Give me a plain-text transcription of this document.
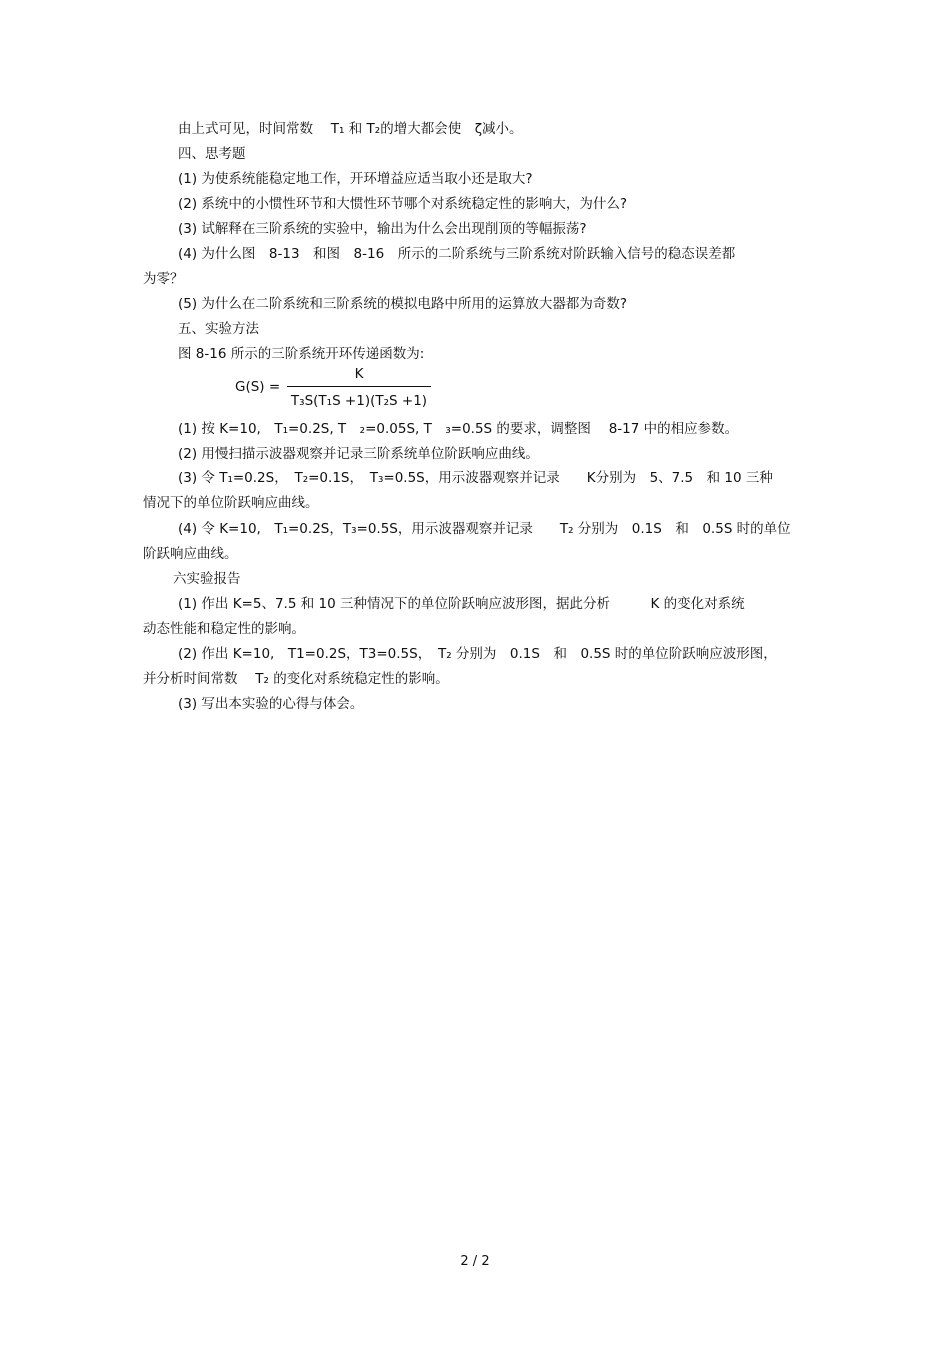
由上式可见，时间常数　 T₁ 和 T₂的增大都会使　ζ减小。
四、思考题
(1) 为使系统能稳定地工作，开环增益应适当取小还是取大?
(2) 系统中的小惯性环节和大惯性环节哪个对系统稳定性的影响大，为什么?
(3) 试解释在三阶系统的实验中，输出为什么会出现削顶的等幅振荡?
(4) 为什么图　8-13　和图　8-16　所示的二阶系统与三阶系统对阶跃输入信号的稳态误差都
为零？
(5) 为什么在二阶系统和三阶系统的模拟电路中所用的运算放大器都为奇数?
五、实验方法
图 8-16 所示的三阶系统开环传递函数为:
G(S) =
K
T₃S(T₁S +1)(T₂S +1)
(1) 按 K=10,　T₁=0.2S, T　₂=0.05S, T　₃=0.5S 的要求，调整图　 8-17 中的相应参数。
(2) 用慢扫描示波器观察并记录三阶系统单位阶跃响应曲线。
(3) 令 T₁=0.2S，　T₂=0.1S，　T₃=0.5S，用示波器观察并记录　　K分别为　5、7.5　和 10 三种
情况下的单位阶跃响应曲线。
(4) 令 K=10,　T₁=0.2S，T₃=0.5S，用示波器观察并记录　　T₂ 分别为　0.1S　和　0.5S 时的单位
阶跃响应曲线。
六实验报告
(1) 作出 K=5、7.5 和 10 三种情况下的单位阶跃响应波形图，据此分析　　　K 的变化对系统
动态性能和稳定性的影响。
(2) 作出 K=10,　T1=0.2S，T3=0.5S，　T₂ 分别为　0.1S　和　0.5S 时的单位阶跃响应波形图，
并分析时间常数　 T₂ 的变化对系统稳定性的影响。
(3) 写出本实验的心得与体会。
2 / 2
